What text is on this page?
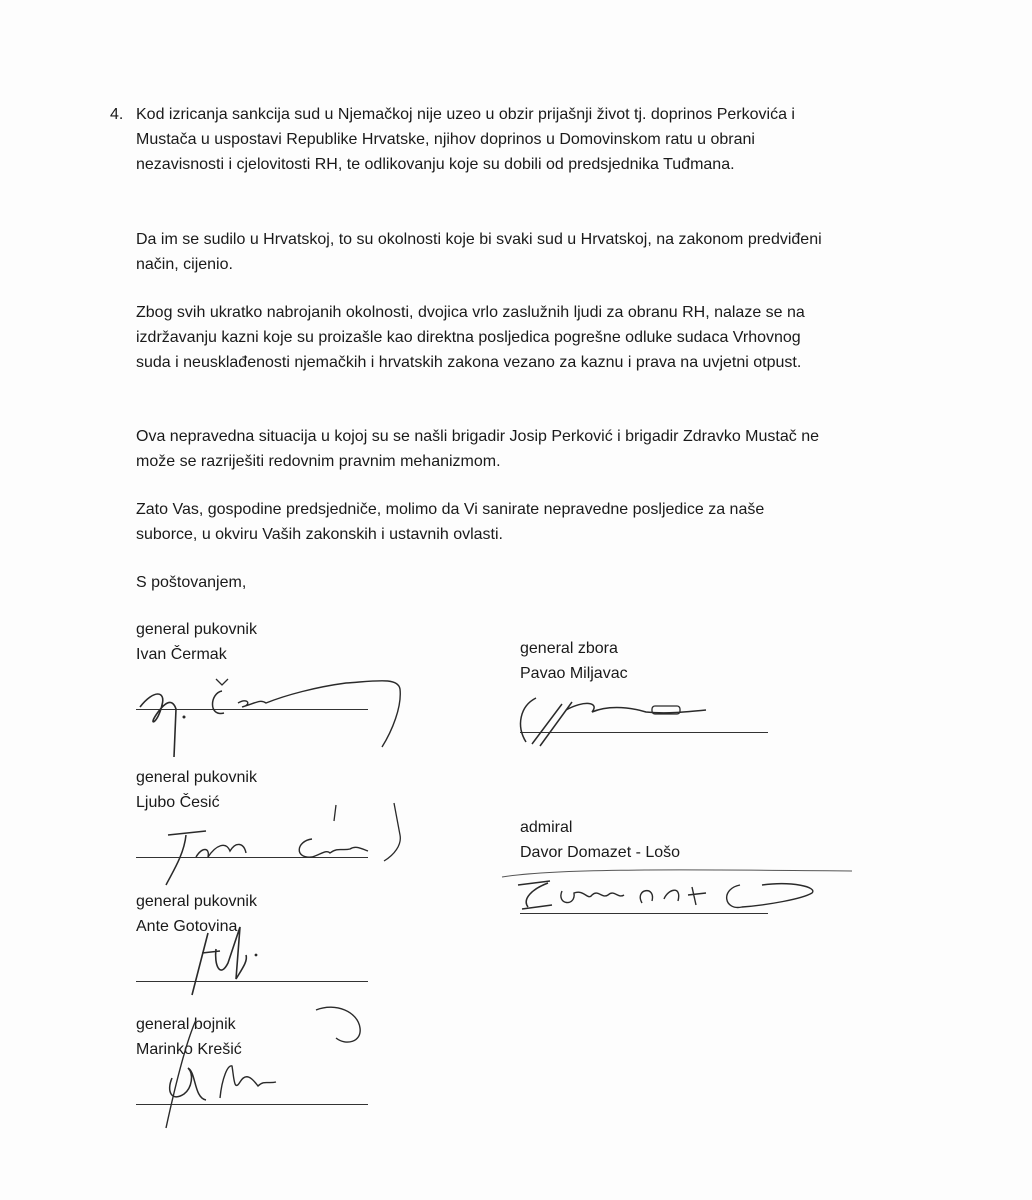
4. Kod izricanja sankcija sud u Njemačkoj nije uzeo u obzir prijašnji život tj. doprinos Perkovića i Mustača u uspostavi Republike Hrvatske, njihov doprinos u Domovinskom ratu u obrani nezavisnosti i cjelovitosti RH, te odlikovanju koje su dobili od predsjednika Tuđmana.

Da im se sudilo u Hrvatskoj, to su okolnosti koje bi svaki sud u Hrvatskoj, na zakonom predviđeni način, cijenio.

Zbog svih ukratko nabrojanih okolnosti, dvojica vrlo zaslužnih ljudi za obranu RH, nalaze se na izdržavanju kazni koje su proizašle kao direktna posljedica pogrešne odluke sudaca Vrhovnog suda i neusklađenosti njemačkih i hrvatskih zakona vezano za kaznu i prava na uvjetni otpust.

Ova nepravedna situacija u kojoj su se našli brigadir Josip Perković i brigadir Zdravko Mustač ne može se razriješiti redovnim pravnim mehanizmom.

Zato Vas, gospodine predsjedniče, molimo da Vi sanirate nepravedne posljedice za naše suborce, u okviru Vaših zakonskih i ustavnih ovlasti.

S poštovanjem,
general pukovnik
Ivan Čermak	general zbora
Pavao Miljavac
general pukovnik
Ljubo Česić
admiral
Davor Domazet - Lošo
general pukovnik
Ante Gotovina
general bojnik
Marinko Krešić
